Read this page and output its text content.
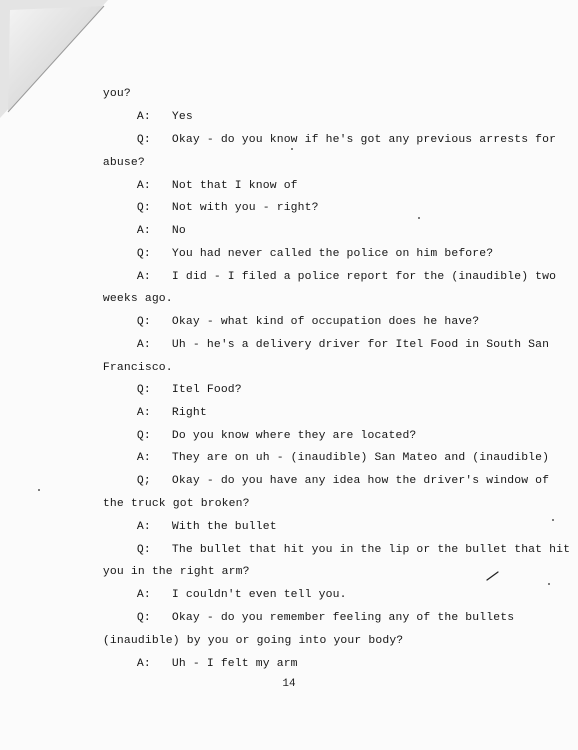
you?

A: Yes

Q: Okay - do you know if he's got any previous arrests for

abuse?

A: Not that I know of

Q: Not with you - right?

A: No

Q: You had never called the police on him before?

A: I did - I filed a police report for the (inaudible) two

weeks ago.

Q: Okay - what kind of occupation does he have?

A: Uh - he's a delivery driver for Itel Food in South San

Francisco.

Q: Itel Food?

A: Right

Q: Do you know where they are located?

A: They are on uh - (inaudible) San Mateo and (inaudible)

Q; Okay - do you have any idea how the driver's window of

the truck got broken?

A: With the bullet

Q: The bullet that hit you in the lip or the bullet that hit

you in the right arm?

A: I couldn't even tell you.

Q: Okay - do you remember feeling any of the bullets

(inaudible) by you or going into your body?

A: Uh - I felt my arm

14
